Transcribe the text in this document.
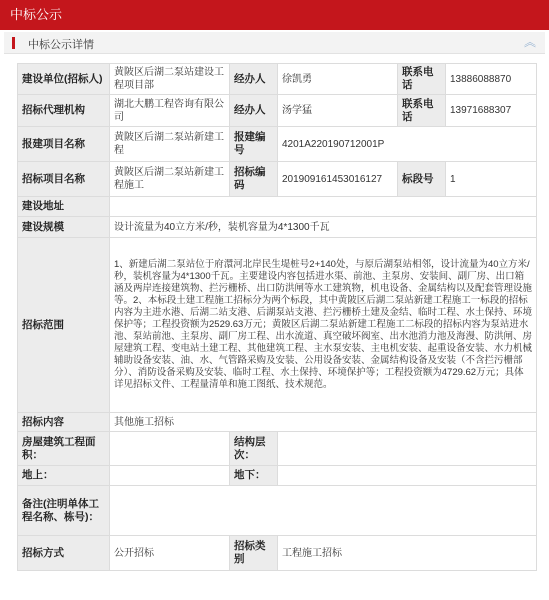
中标公示
中标公示详情	︽
建设单位(招标人)	黄陂区后湖二泵站建设工程项目部	经办人	徐凯勇	联系电话	13886088870
招标代理机构	湖北大鹏工程咨询有限公司	经办人	汤学猛	联系电话	13971688307
报建项目名称	黄陂区后湖二泵站新建工程	报建编号	4201A220190712001P		
招标项目名称	黄陂区后湖二泵站新建工程施工	招标编码	201909161453016127	标段号	1
建设地址					
建设规模	设计流量为40立方米/秒，装机容量为4*1300千瓦				
招标范围	1、新建后湖二泵站位于府澴河北岸民生堤桩号2+140处，与原后湖泵站相邻，设计流量为40立方米/秒，装机容量为4*1300千瓦。主要建设内容包括进水渠、前池、主泵房、安装间、副厂房、出口箱涵及两岸连接建筑物、拦污栅桥、出口防洪闸等水工建筑物，机电设备、金属结构以及配套管理设施等。2、本标段土建工程施工招标分为两个标段，其中黄陂区后湖二泵站新建工程施工一标段的招标内容为主进水港、后湖二站支港、后湖泵站支港、拦污栅桥土建及金结、临时工程、水土保持、环境保护等；工程投资额为2529.63万元；黄陂区后湖二泵站新建工程施工二标段的招标内容为泵站进水池、泵站前池、主泵房、副厂房工程、出水流道、真空破坏阀室、出水池消力池及海漫、防洪闸、房屋建筑工程、变电站土建工程、其他建筑工程、主水泵安装、主电机安装、起重设备安装、水力机械辅助设备安装、油、水、气管路采购及安装、公用设备安装、金属结构设备及安装（不含拦污栅部分）、消防设备采购及安装、临时工程、水土保持、环境保护等；工程投资额为4729.62万元；具体详见招标文件、工程量清单和施工图纸、技术规范。				
招标内容	其他施工招标				
房屋建筑工程面积：		结构层次：			
地上：		地下：			
备注(注明单体工程名称、栋号)：					
招标方式	公开招标	招标类别	工程施工招标		
